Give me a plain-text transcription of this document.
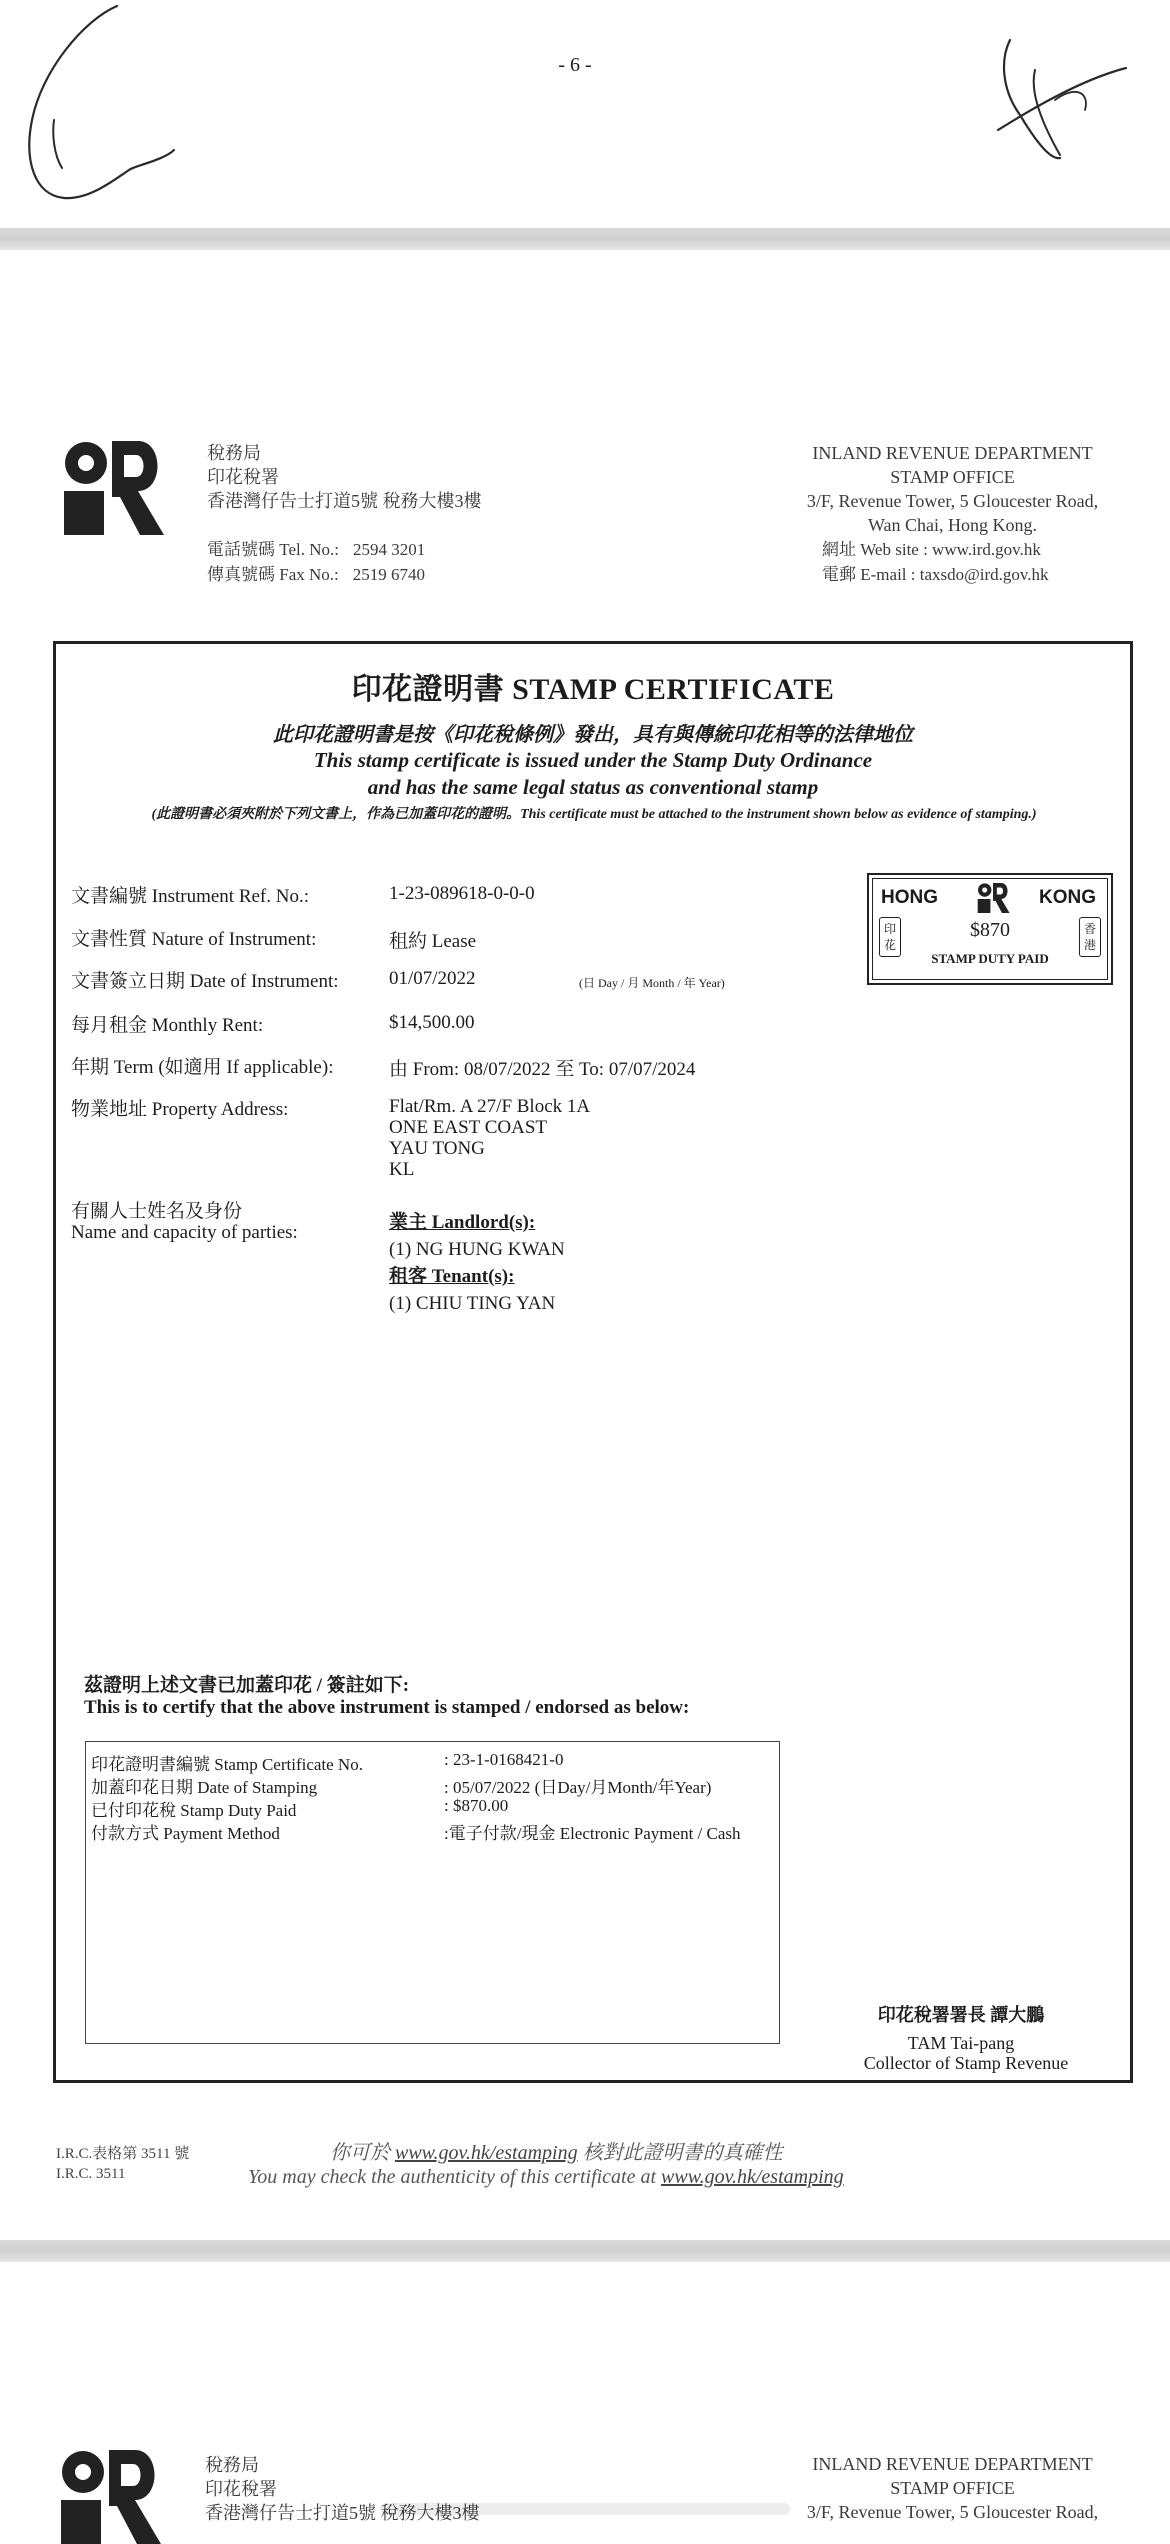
- 6 -
稅務局
印花稅署
香港灣仔告士打道5號 稅務大樓3樓
INLAND REVENUE DEPARTMENT
STAMP OFFICE
3/F, Revenue Tower, 5 Gloucester Road,
Wan Chai, Hong Kong.
電話號碼 Tel. No.: 2594 3201
傳真號碼 Fax No.: 2519 6740
網址 Web site : www.ird.gov.hk
電郵 E-mail : taxsdo@ird.gov.hk
印花證明書 STAMP CERTIFICATE
此印花證明書是按《印花稅條例》發出，具有與傳統印花相等的法律地位
This stamp certificate is issued under the Stamp Duty Ordinance
and has the same legal status as conventional stamp
(此證明書必須夾附於下列文書上，作為已加蓋印花的證明。This certificate must be attached to the instrument shown below as evidence of stamping.)
文書編號 Instrument Ref. No.:	1-23-089618-0-0-0
文書性質 Nature of Instrument:	租約 Lease
文書簽立日期 Date of Instrument:	01/07/2022	(日 Day / 月 Month / 年 Year)
每月租金 Monthly Rent:	$14,500.00
年期 Term (如適用 If applicable):	由 From: 08/07/2022 至 To: 07/07/2024
物業地址 Property Address:	Flat/Rm. A 27/F Block 1A
ONE EAST COAST
YAU TONG
KL
有關人士姓名及身份
Name and capacity of parties:	業主 Landlord(s):
(1) NG HUNG KWAN
租客 Tenant(s):
(1) CHIU TING YAN
HONG	KONG
$870
STAMP DUTY PAID
印花
香港
茲證明上述文書已加蓋印花 / 簽註如下:
This is to certify that the above instrument is stamped / endorsed as below:
印花證明書編號 Stamp Certificate No.	: 23-1-0168421-0
加蓋印花日期 Date of Stamping	: 05/07/2022 (日Day/月Month/年Year)
已付印花稅 Stamp Duty Paid	: $870.00
付款方式 Payment Method	:電子付款/現金 Electronic Payment / Cash
印花稅署署長 譚大鵬
TAM Tai-pang
Collector of Stamp Revenue
I.R.C.表格第 3511 號
I.R.C. 3511
你可於 www.gov.hk/estamping 核對此證明書的真確性
You may check the authenticity of this certificate at www.gov.hk/estamping
稅務局
印花稅署
香港灣仔告士打道5號 稅務大樓3樓
INLAND REVENUE DEPARTMENT
STAMP OFFICE
3/F, Revenue Tower, 5 Gloucester Road,
